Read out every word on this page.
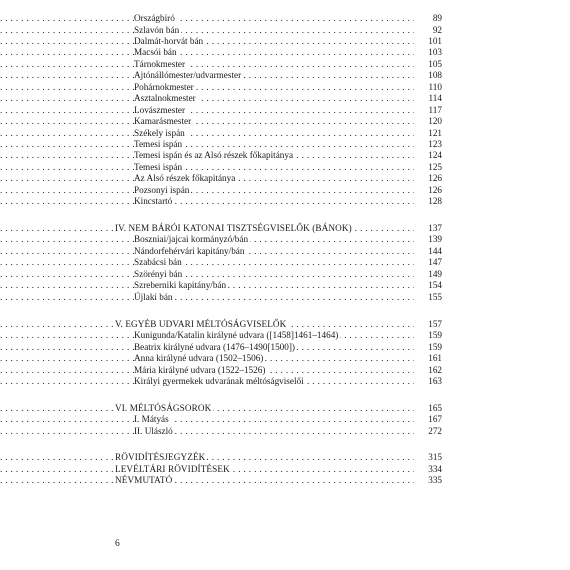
. . .
Országbíró	89
. . .
Szlavón bán	92
. . .
Dalmát-horvát bán	101
. . .
Macsói bán	103
. . .
Tárnokmester	105
. . .
Ajtónállómester/udvarmester	108
. . .
Pohárnokmester	110
. . .
Asztalnokmester	114
. . .
Lovászmester	117
. . .
Kamarásmester	120
. . .
Székely ispán	121
. . .
Temesi ispán	123
. . .
Temesi ispán és az Alsó részek főkapitánya	124
. . .
Temesi ispán	125
. . .
Az Alsó részek főkapitánya	126
. . .
Pozsonyi ispán	126
. . .
Kincstartó	128
. . .
IV. NEM BÁRÓI KATONAI TISZTSÉGVISELŐK (BÁNOK)	137
. . .
Boszniai/jajcai kormányzó/bán	139
. . .
Nándorfehérvári kapitány/bán	144
. . .
Szabácsi bán	147
. . .
Szörényi bán	149
. . .
Szreberniki kapitány/bán	154
. . .
Újlaki bán	155
. . .
V. EGYÉB UDVARI MÉLTÓSÁGVISELŐK	157
. . .
Kunigunda/Katalin királyné udvara ([1458]1461–1464)	159
. . .
Beatrix királyné udvara (1476–1490[1500])	159
. . .
Anna királyné udvara (1502–1506)	161
. . .
Mária királyné udvara (1522–1526)	162
. . .
Királyi gyermekek udvarának méltóságviselői	163
. . .
VI. MÉLTÓSÁGSOROK	165
. . .
I. Mátyás	167
. . .
II. Ulászló	272
. . .
RÖVIDÍTÉSJEGYZÉK	315
. . .
LEVÉLTÁRI RÖVIDÍTÉSEK	334
. . .
NÉVMUTATÓ	335
6
